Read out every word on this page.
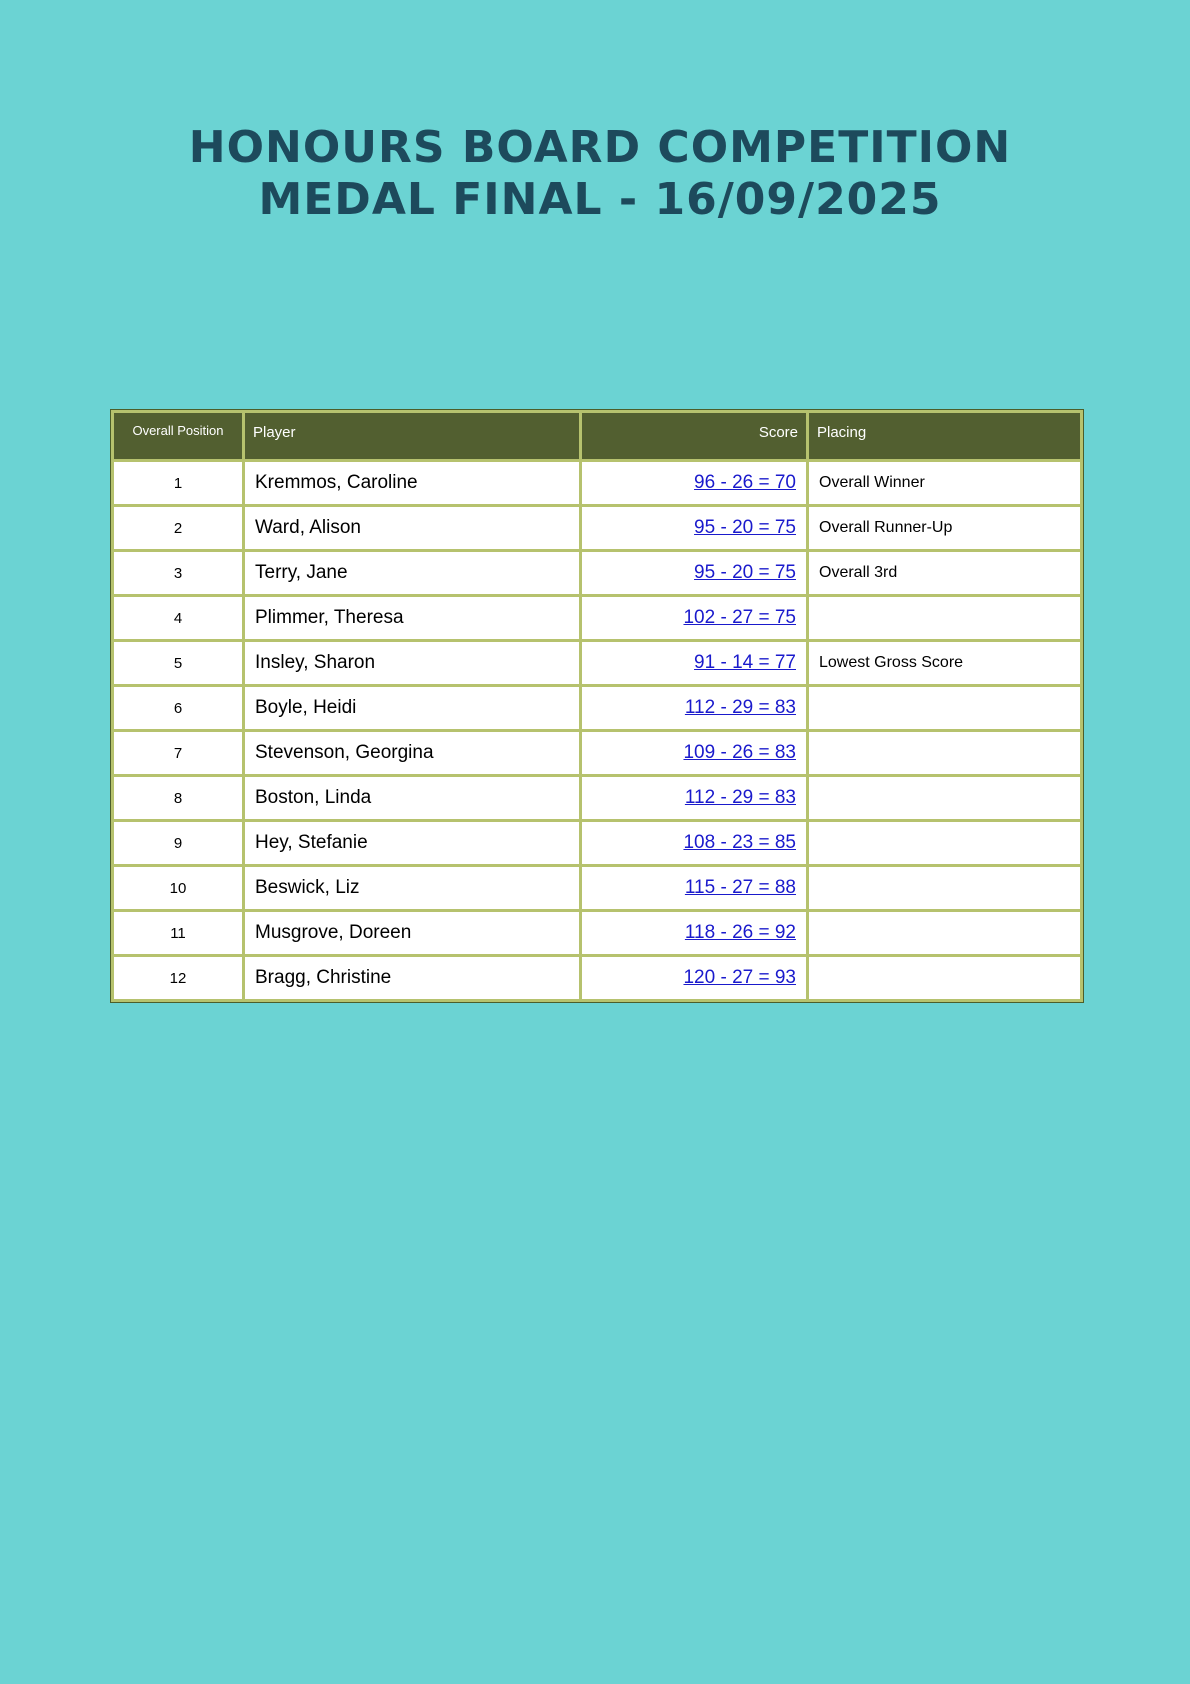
HONOURS BOARD COMPETITION MEDAL FINAL - 16/09/2025
Overall Position	Player	Score	Placing
1	Kremmos, Caroline	96 - 26 = 70	Overall Winner
2	Ward, Alison	95 - 20 = 75	Overall Runner-Up
3	Terry, Jane	95 - 20 = 75	Overall 3rd
4	Plimmer, Theresa	102 - 27 = 75	
5	Insley, Sharon	91 - 14 = 77	Lowest Gross Score
6	Boyle, Heidi	112 - 29 = 83	
7	Stevenson, Georgina	109 - 26 = 83	
8	Boston, Linda	112 - 29 = 83	
9	Hey, Stefanie	108 - 23 = 85	
10	Beswick, Liz	115 - 27 = 88	
11	Musgrove, Doreen	118 - 26 = 92	
12	Bragg, Christine	120 - 27 = 93	
